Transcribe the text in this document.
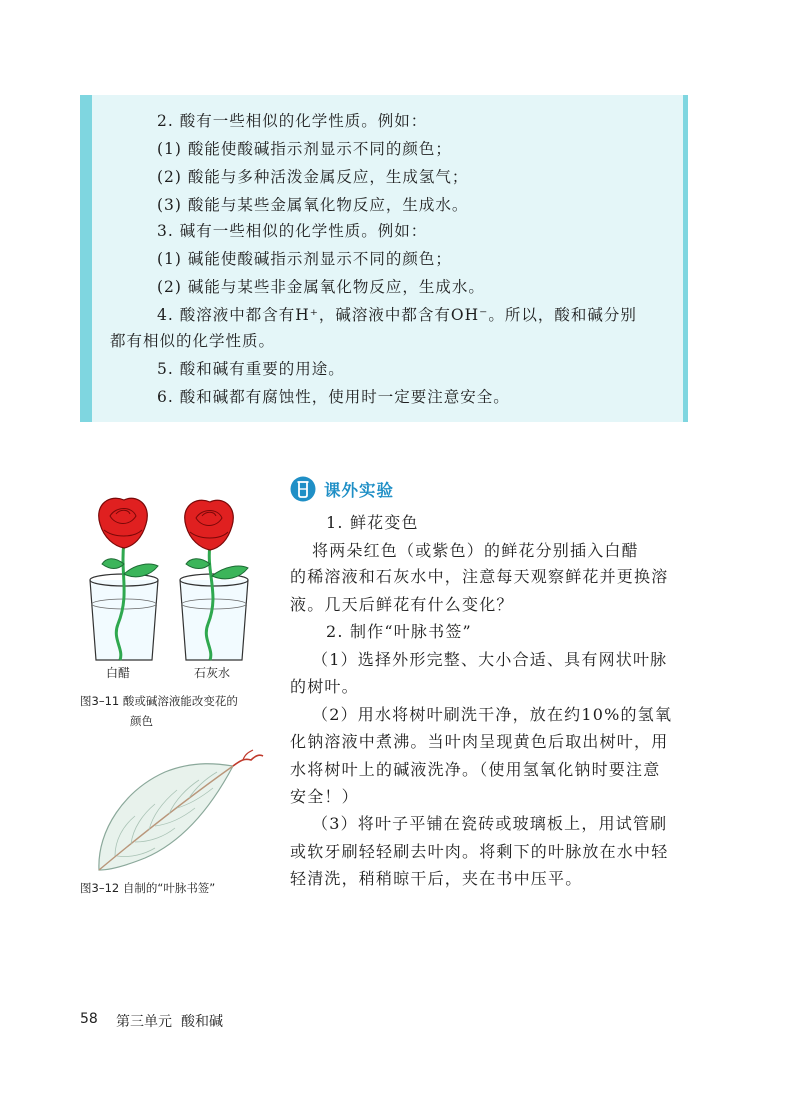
2. 酸有一些相似的化学性质。例如：
(1) 酸能使酸碱指示剂显示不同的颜色；
(2) 酸能与多种活泼金属反应，生成氢气；
(3) 酸能与某些金属氧化物反应，生成水。
3. 碱有一些相似的化学性质。例如：
(1) 碱能使酸碱指示剂显示不同的颜色；
(2) 碱能与某些非金属氧化物反应，生成水。
4. 酸溶液中都含有H⁺，碱溶液中都含有OH⁻。所以，酸和碱分别
都有相似的化学性质。
5. 酸和碱有重要的用途。
6. 酸和碱都有腐蚀性，使用时一定要注意安全。
白醋	石灰水
图3–11 酸或碱溶液能改变花的
颜色
图3–12 自制的“叶脉书签”
课外实验
1. 鲜花变色
将两朵红色（或紫色）的鲜花分别插入白醋
的稀溶液和石灰水中，注意每天观察鲜花并更换溶
液。几天后鲜花有什么变化？
2. 制作“叶脉书签”
（1）选择外形完整、大小合适、具有网状叶脉
的树叶。
（2）用水将树叶刷洗干净，放在约10%的氢氧
化钠溶液中煮沸。当叶肉呈现黄色后取出树叶，用
水将树叶上的碱液洗净。（使用氢氧化钠时要注意
安全！）
（3）将叶子平铺在瓷砖或玻璃板上，用试管刷
或软牙刷轻轻刷去叶肉。将剩下的叶脉放在水中轻
轻清洗，稍稍晾干后，夹在书中压平。
58 第三单元 酸和碱
